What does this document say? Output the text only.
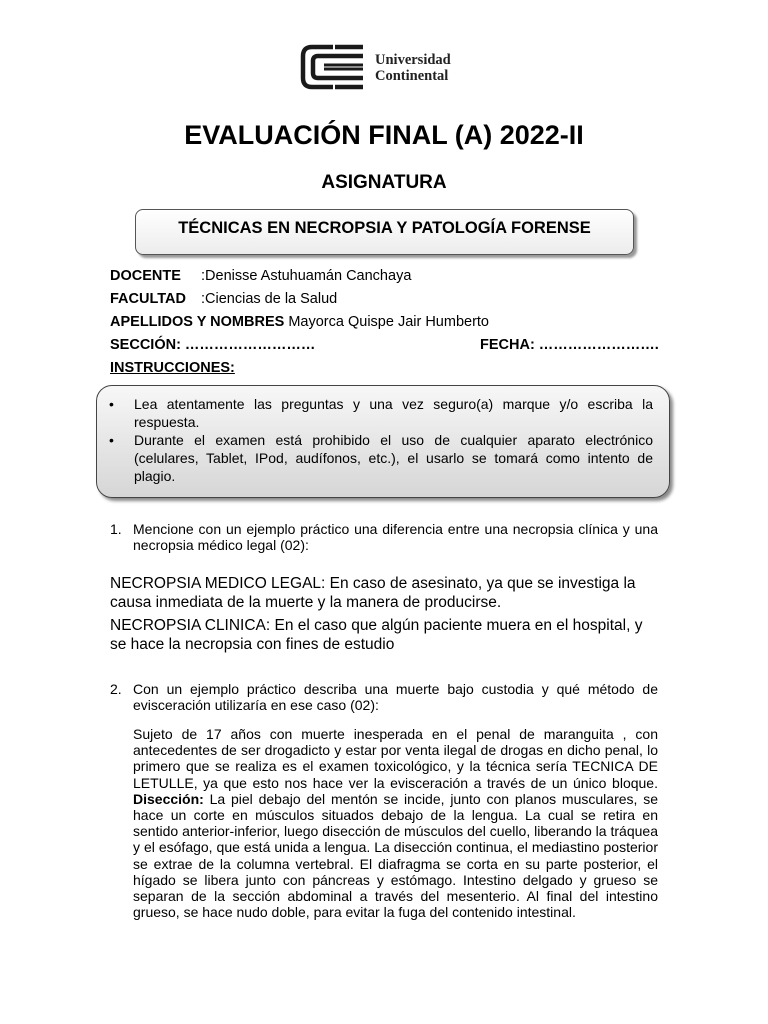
Universidad
Continental
EVALUACIÓN FINAL (A) 2022-II
ASIGNATURA
TÉCNICAS EN NECROPSIA Y PATOLOGÍA FORENSE
DOCENTE :Denisse Astuhuamán Canchaya
FACULTAD :Ciencias de la Salud
APELLIDOS Y NOMBRES Mayorca Quispe Jair Humberto
SECCIÓN: ………………………	FECHA: …………………….
INSTRUCCIONES:
• Lea atentamente las preguntas y una vez seguro(a) marque y/o escriba la respuesta.
• Durante el examen está prohibido el uso de cualquier aparato electrónico (celulares, Tablet, IPod, audífonos, etc.), el usarlo se tomará como intento de plagio.
1. Mencione con un ejemplo práctico una diferencia entre una necropsia clínica y una necropsia médico legal (02):
NECROPSIA MEDICO LEGAL: En caso de asesinato, ya que se investiga la causa inmediata de la muerte y la manera de producirse.
NECROPSIA CLINICA: En el caso que algún paciente muera en el hospital, y se hace la necropsia con fines de estudio
2. Con un ejemplo práctico describa una muerte bajo custodia y qué método de evisceración utilizaría en ese caso (02):
Sujeto de 17 años con muerte inesperada en el penal de maranguita , con antecedentes de ser drogadicto y estar por venta ilegal de drogas en dicho penal, lo primero que se realiza es el examen toxicológico, y la técnica sería TECNICA DE LETULLE, ya que esto nos hace ver la evisceración a través de un único bloque. Disección: La piel debajo del mentón se incide, junto con planos musculares, se hace un corte en músculos situados debajo de la lengua. La cual se retira en sentido anterior-inferior, luego disección de músculos del cuello, liberando la tráquea y el esófago, que está unida a lengua. La disección continua, el mediastino posterior se extrae de la columna vertebral. El diafragma se corta en su parte posterior, el hígado se libera junto con páncreas y estómago. Intestino delgado y grueso se separan de la sección abdominal a través del mesenterio. Al final del intestino grueso, se hace nudo doble, para evitar la fuga del contenido intestinal.
